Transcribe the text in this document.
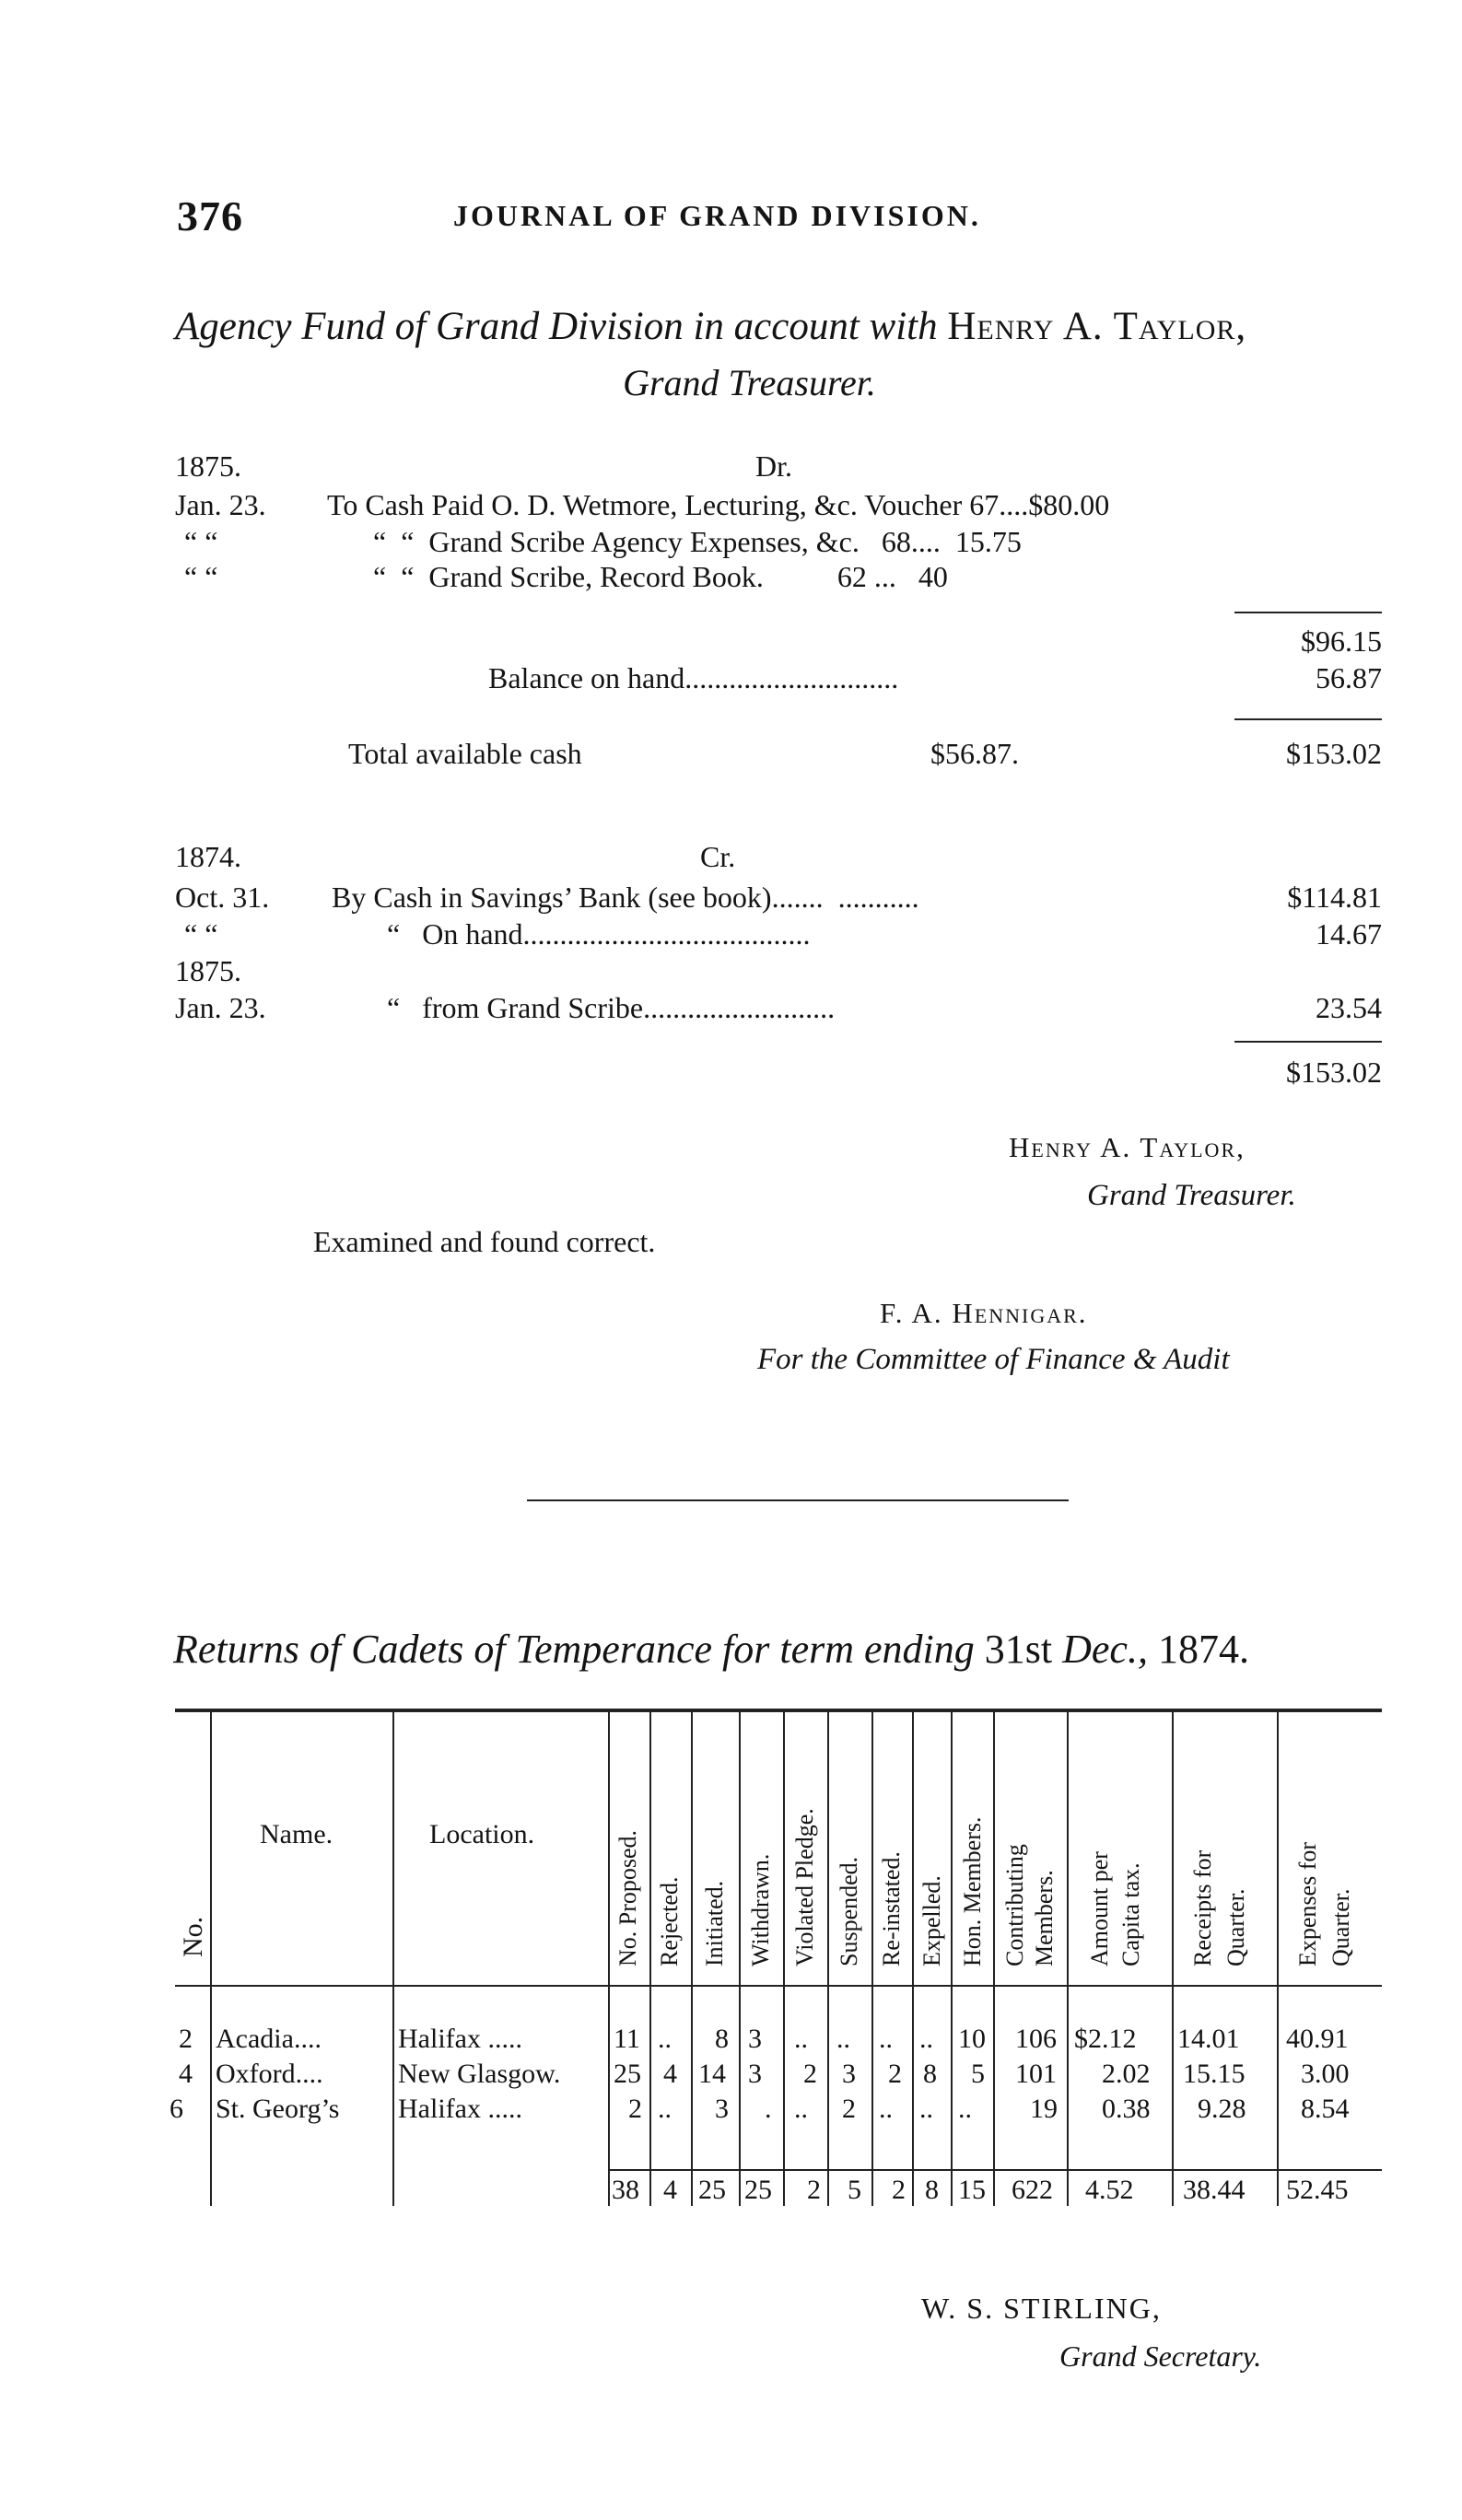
376	JOURNAL OF GRAND DIVISION.
Agency Fund of Grand Division in account with Henry A. Taylor,
Grand Treasurer.
1875.	Dr.
Jan. 23. To Cash Paid O. D. Wetmore, Lecturing, &c. Voucher 67....$80.00
“ “	“  “  Grand Scribe Agency Expenses, &c.   68....  15.75
“ “	“  “  Grand Scribe, Record Book.          62 ...   40
$96.15
Balance on hand.............................	56.87
Total available cash	$56.87.	$153.02
1874.	Cr.
Oct. 31. By Cash in Savings’ Bank (see book).......  ...........	$114.81
“ “	“   On hand.......................................	14.67
1875.
Jan. 23.	“   from Grand Scribe..........................	23.54
$153.02
Henry A. Taylor,
Grand Treasurer.
Examined and found correct.
F. A. Hennigar.
For the Committee of Finance & Audit
Returns of Cadets of Temperance for term ending 31st Dec., 1874.
No.
Name.	Location.	No. Proposed. Rejected. Initiated. Withdrawn. Violated Pledge. Suspended. Re-instated. Expelled. Hon. Members. Contributing Members. Amount per Capita tax. Receipts for Quarter. Expenses for Quarter.
2 Acadia....	Halifax .....	11 .. 8 3 .. .. .. .. 10 106 $2.12 14.01 40.91
4 Oxford....	New Glasgow. 25 4 14 3 2 3 2 8 5 101 2.02 15.15 3.00
6 St. Georg’s Halifax .....	2 .. 3 . .. 2 .. .. .. 19 0.38 9.28 8.54
38 4 25 25 2 5 2 8 15 622 4.52 38.44 52.45
W. S. STIRLING,
Grand Secretary.
